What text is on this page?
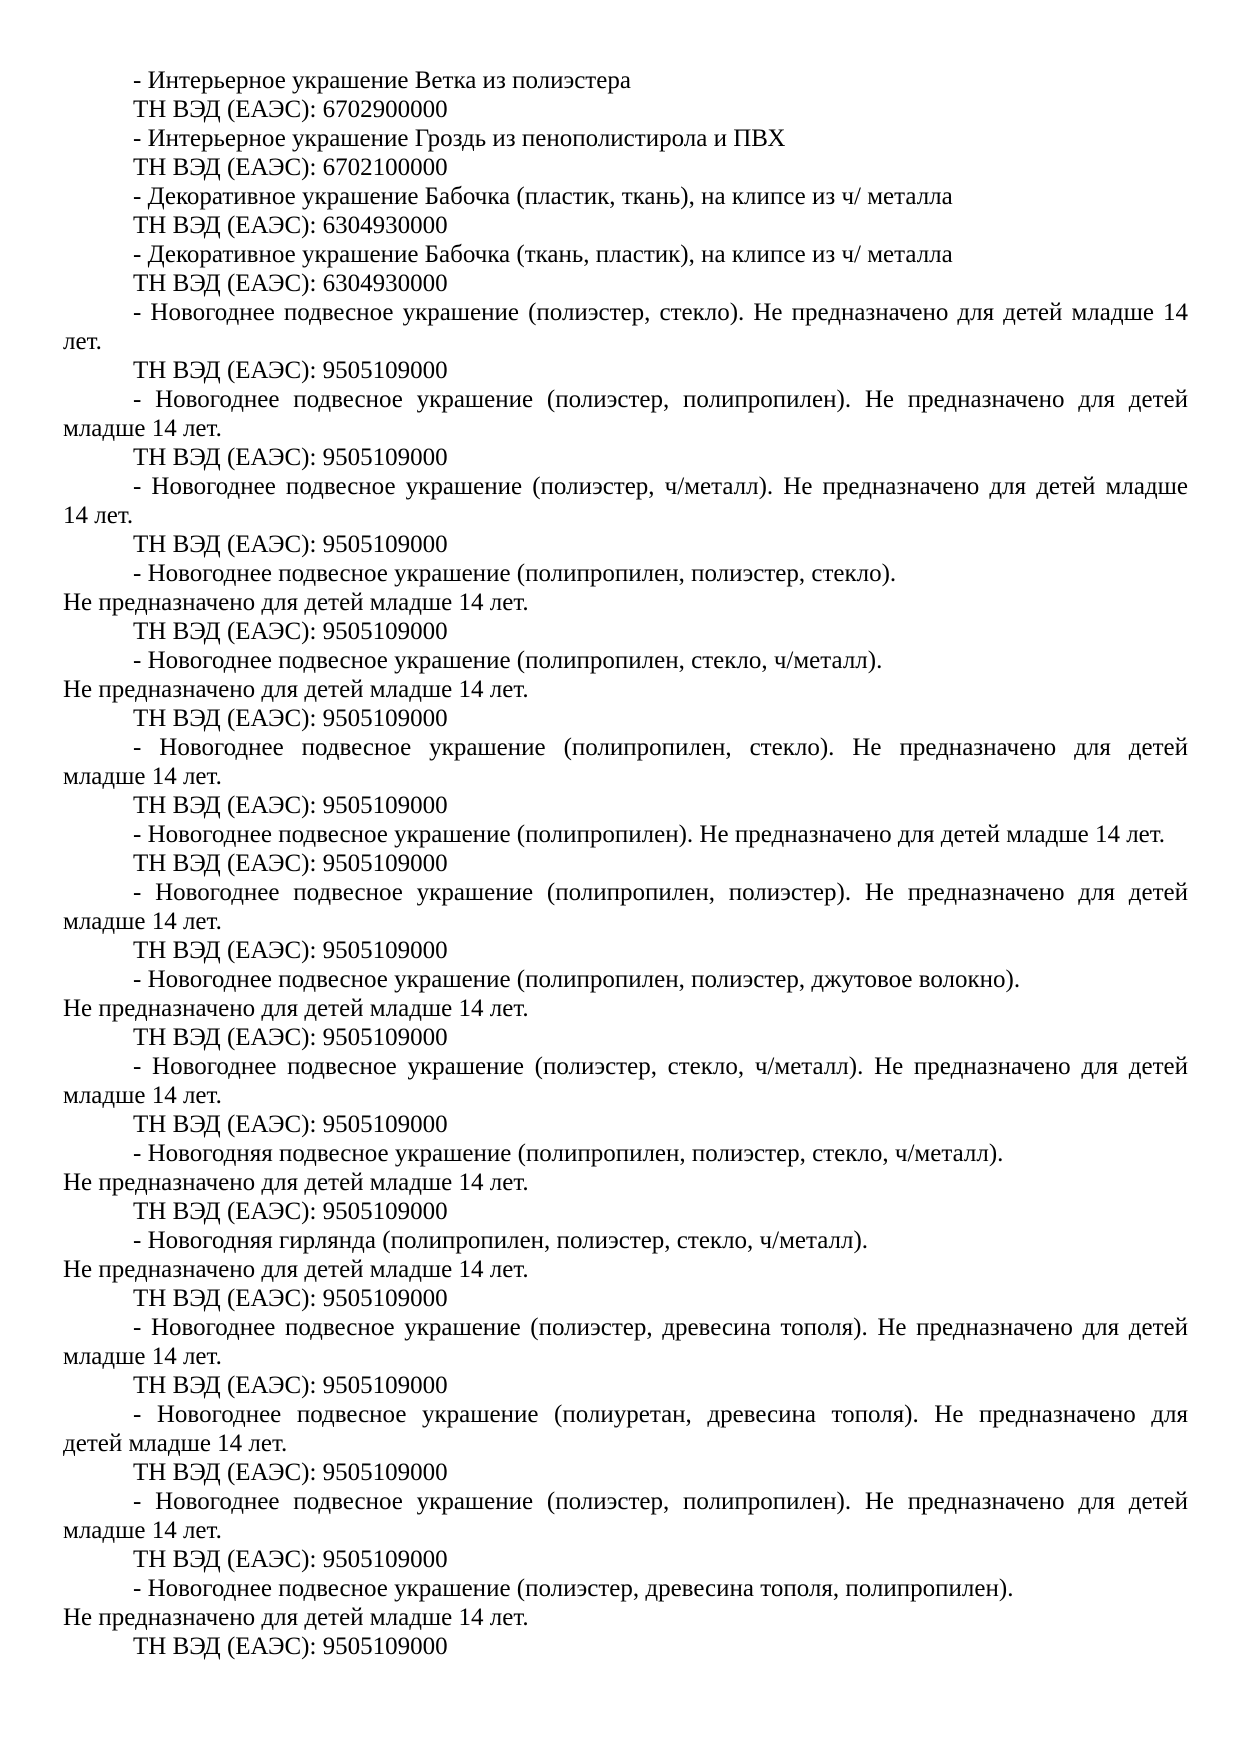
- Интерьерное украшение Ветка из полиэстера
ТН ВЭД (ЕАЭС): 6702900000
- Интерьерное украшение Гроздь из пенополистирола и ПВХ
ТН ВЭД (ЕАЭС): 6702100000
- Декоративное украшение Бабочка (пластик, ткань), на клипсе из ч/ металла
ТН ВЭД (ЕАЭС): 6304930000
- Декоративное украшение Бабочка (ткань, пластик), на клипсе из ч/ металла
ТН ВЭД (ЕАЭС): 6304930000
- Новогоднее подвесное украшение (полиэстер, стекло). Не предназначено для детей младше 14
лет.
ТН ВЭД (ЕАЭС): 9505109000
- Новогоднее подвесное украшение (полиэстер, полипропилен). Не предназначено для детей
младше 14 лет.
ТН ВЭД (ЕАЭС): 9505109000
- Новогоднее подвесное украшение (полиэстер, ч/металл). Не предназначено для детей младше
14 лет.
ТН ВЭД (ЕАЭС): 9505109000
- Новогоднее подвесное украшение (полипропилен, полиэстер, стекло).
Не предназначено для детей младше 14 лет.
ТН ВЭД (ЕАЭС): 9505109000
- Новогоднее подвесное украшение (полипропилен, стекло, ч/металл).
Не предназначено для детей младше 14 лет.
ТН ВЭД (ЕАЭС): 9505109000
- Новогоднее подвесное украшение (полипропилен, стекло). Не предназначено для детей
младше 14 лет.
ТН ВЭД (ЕАЭС): 9505109000
- Новогоднее подвесное украшение (полипропилен). Не предназначено для детей младше 14 лет.
ТН ВЭД (ЕАЭС): 9505109000
- Новогоднее подвесное украшение (полипропилен, полиэстер). Не предназначено для детей
младше 14 лет.
ТН ВЭД (ЕАЭС): 9505109000
- Новогоднее подвесное украшение (полипропилен, полиэстер, джутовое волокно).
Не предназначено для детей младше 14 лет.
ТН ВЭД (ЕАЭС): 9505109000
- Новогоднее подвесное украшение (полиэстер, стекло, ч/металл). Не предназначено для детей
младше 14 лет.
ТН ВЭД (ЕАЭС): 9505109000
- Новогодняя подвесное украшение (полипропилен, полиэстер, стекло, ч/металл).
Не предназначено для детей младше 14 лет.
ТН ВЭД (ЕАЭС): 9505109000
- Новогодняя гирлянда (полипропилен, полиэстер, стекло, ч/металл).
Не предназначено для детей младше 14 лет.
ТН ВЭД (ЕАЭС): 9505109000
- Новогоднее подвесное украшение (полиэстер, древесина тополя). Не предназначено для детей
младше 14 лет.
ТН ВЭД (ЕАЭС): 9505109000
- Новогоднее подвесное украшение (полиуретан, древесина тополя). Не предназначено для
детей младше 14 лет.
ТН ВЭД (ЕАЭС): 9505109000
- Новогоднее подвесное украшение (полиэстер, полипропилен). Не предназначено для детей
младше 14 лет.
ТН ВЭД (ЕАЭС): 9505109000
- Новогоднее подвесное украшение (полиэстер, древесина тополя, полипропилен).
Не предназначено для детей младше 14 лет.
ТН ВЭД (ЕАЭС): 9505109000
